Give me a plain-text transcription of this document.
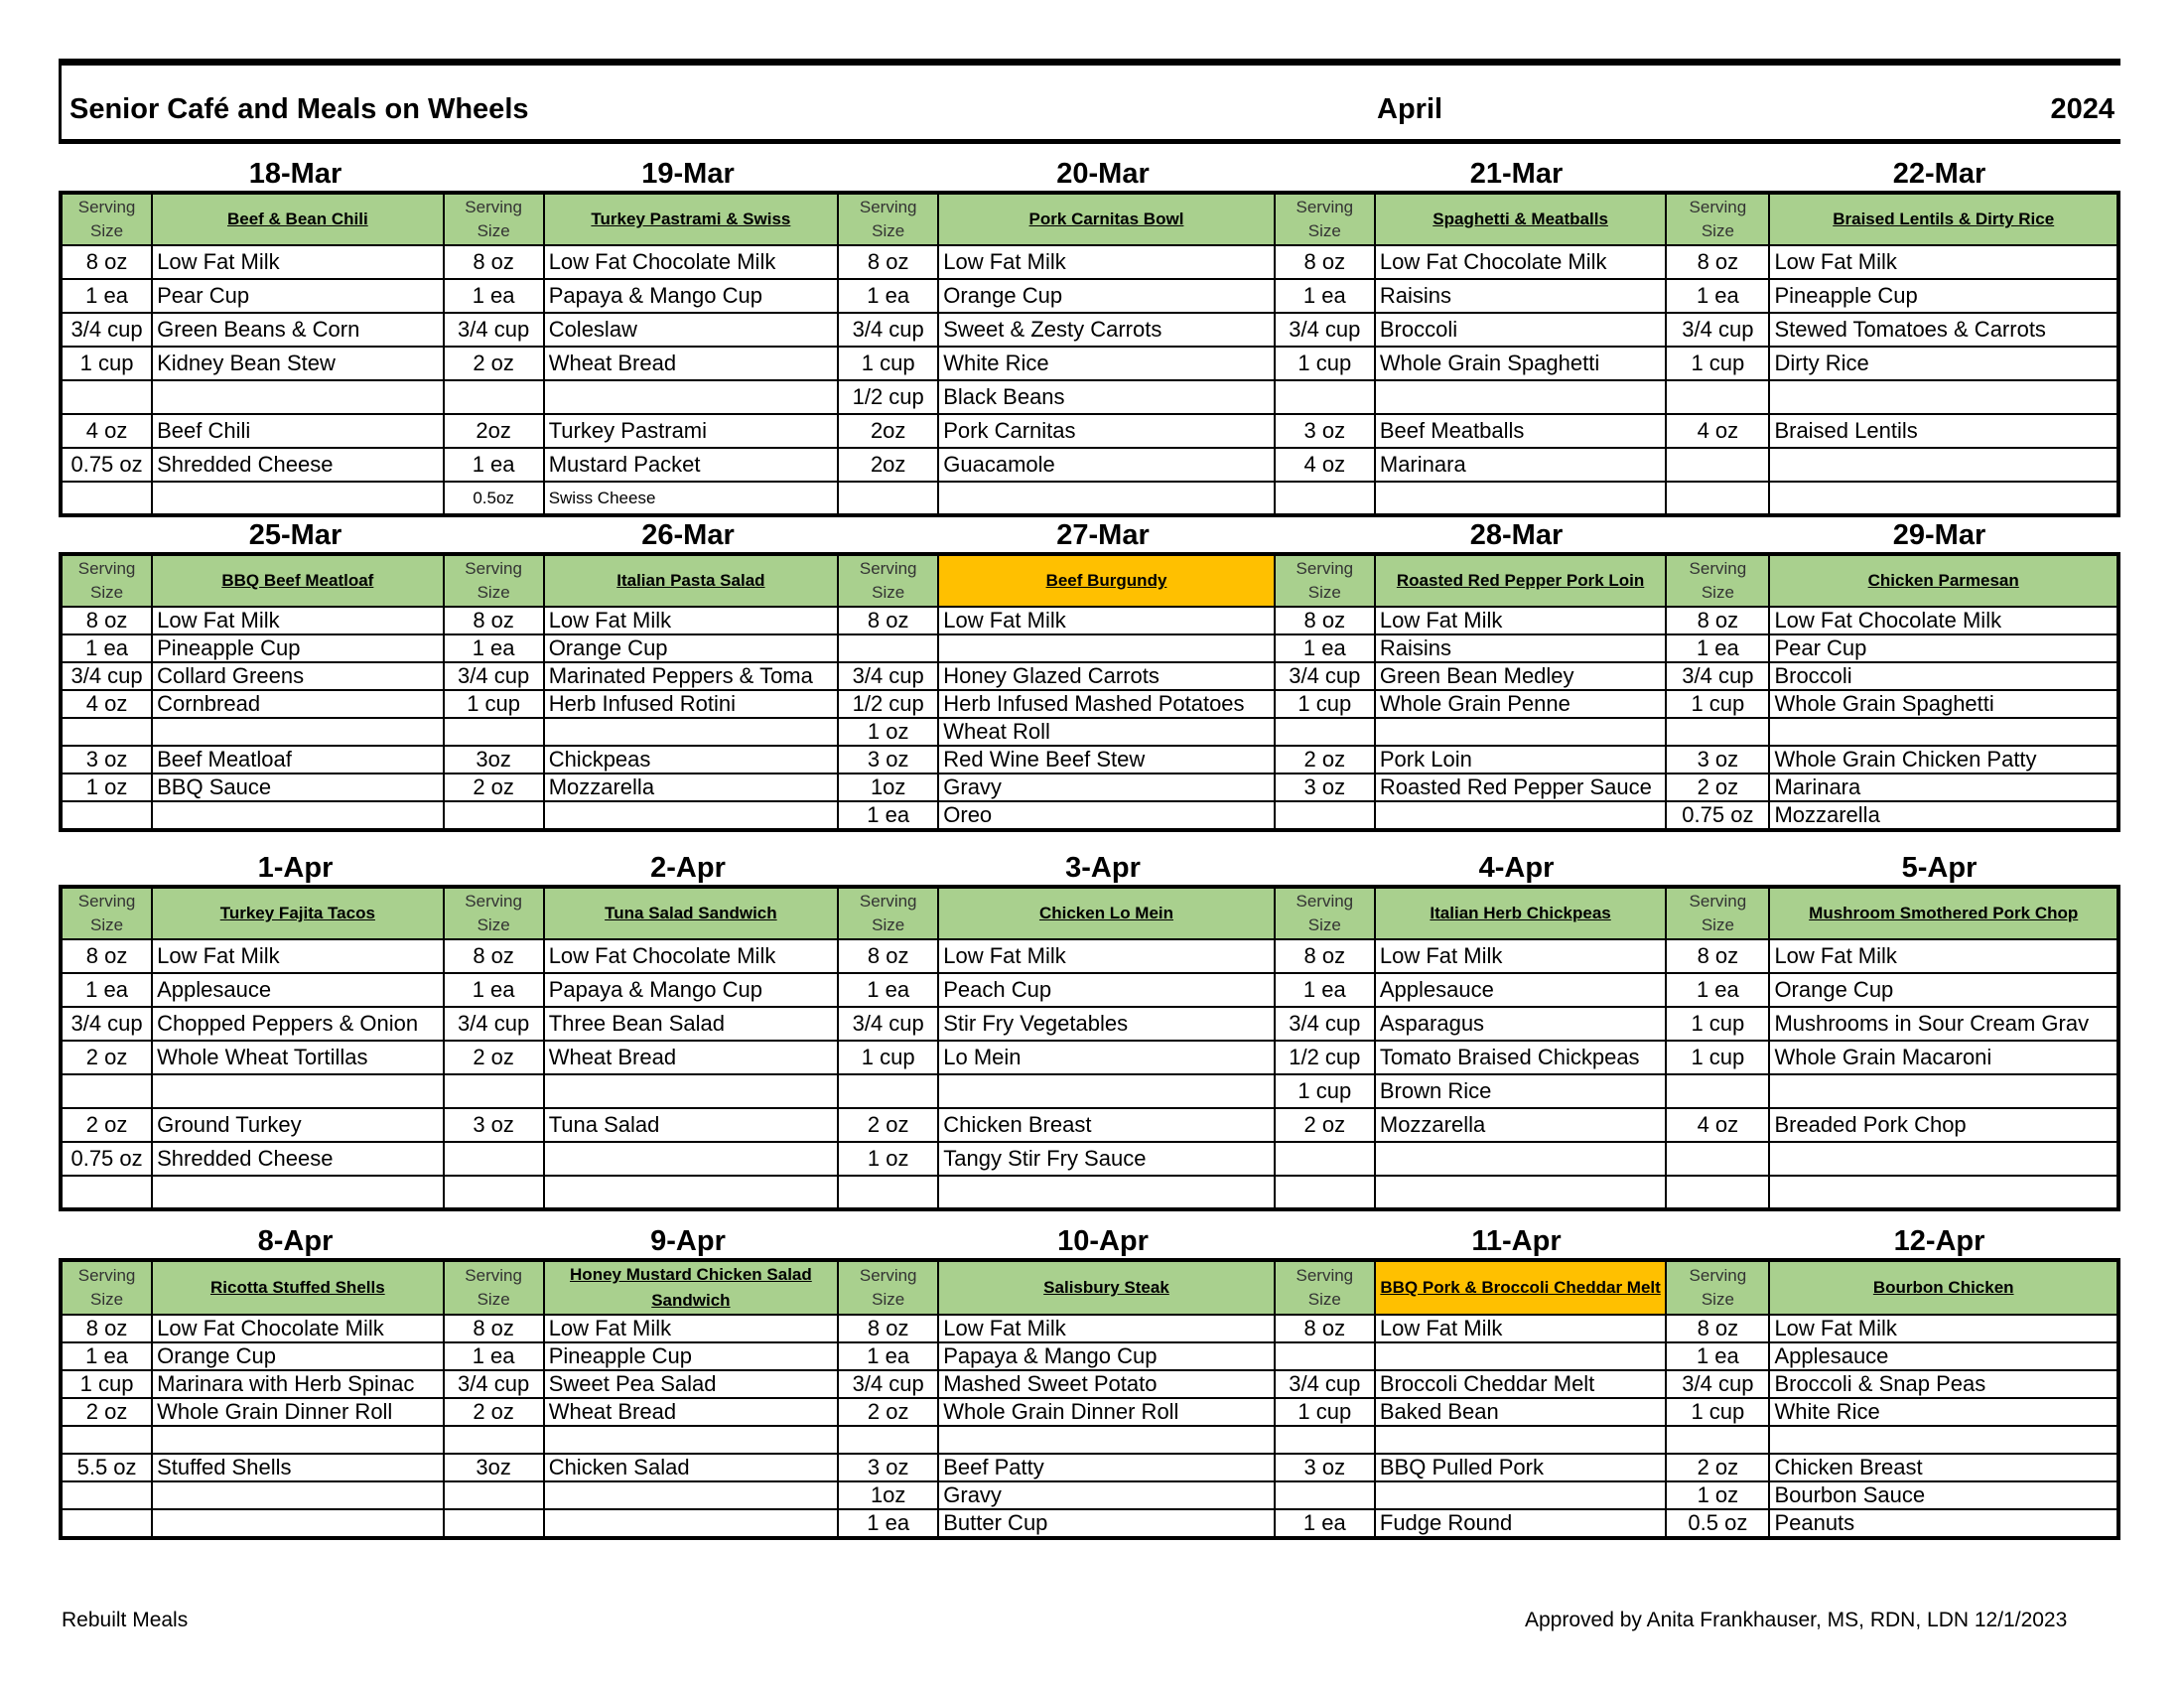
Senior Café and Meals on Wheels	April	2024
18-Mar	19-Mar	20-Mar	21-Mar	22-Mar
Serving Size	Beef & Bean Chili	Serving Size	Turkey Pastrami & Swiss	Serving Size	Pork Carnitas Bowl	Serving Size	Spaghetti & Meatballs	Serving Size	Braised Lentils & Dirty Rice
8 oz	Low Fat Milk	8 oz	Low Fat Chocolate Milk	8 oz	Low Fat Milk	8 oz	Low Fat Chocolate Milk	8 oz	Low Fat Milk
1 ea	Pear Cup	1 ea	Papaya & Mango Cup	1 ea	Orange Cup	1 ea	Raisins	1 ea	Pineapple Cup
3/4 cup	Green Beans & Corn	3/4 cup	Coleslaw	3/4 cup	Sweet & Zesty Carrots	3/4 cup	Broccoli	3/4 cup	Stewed Tomatoes & Carrots
1 cup	Kidney Bean Stew	2 oz	Wheat Bread	1 cup	White Rice	1 cup	Whole Grain Spaghetti	1 cup	Dirty Rice
				1/2 cup	Black Beans				
4 oz	Beef Chili	2oz	Turkey Pastrami	2oz	Pork Carnitas	3 oz	Beef Meatballs	4 oz	Braised Lentils
0.75 oz	Shredded Cheese	1 ea	Mustard Packet	2oz	Guacamole	4 oz	Marinara		
		0.5oz	Swiss Cheese						
25-Mar	26-Mar	27-Mar	28-Mar	29-Mar
Serving Size	BBQ Beef Meatloaf	Serving Size	Italian Pasta Salad	Serving Size	Beef Burgundy	Serving Size	Roasted Red Pepper Pork Loin	Serving Size	Chicken Parmesan
8 oz	Low Fat Milk	8 oz	Low Fat Milk	8 oz	Low Fat Milk	8 oz	Low Fat Milk	8 oz	Low Fat Chocolate Milk
1 ea	Pineapple Cup	1 ea	Orange Cup			1 ea	Raisins	1 ea	Pear Cup
3/4 cup	Collard Greens	3/4 cup	Marinated Peppers & Toma	3/4 cup	Honey Glazed Carrots	3/4 cup	Green Bean Medley	3/4 cup	Broccoli
4 oz	Cornbread	1 cup	Herb Infused Rotini	1/2 cup	Herb Infused Mashed Potatoes	1 cup	Whole Grain Penne	1 cup	Whole Grain Spaghetti
				1 oz	Wheat Roll				
3 oz	Beef Meatloaf	3oz	Chickpeas	3 oz	Red Wine Beef Stew	2 oz	Pork Loin	3 oz	Whole Grain Chicken Patty
1 oz	BBQ Sauce	2 oz	Mozzarella	1oz	Gravy	3 oz	Roasted Red Pepper Sauce	2 oz	Marinara
				1 ea	Oreo			0.75 oz	Mozzarella
1-Apr	2-Apr	3-Apr	4-Apr	5-Apr
Serving Size	Turkey Fajita Tacos	Serving Size	Tuna Salad Sandwich	Serving Size	Chicken Lo Mein	Serving Size	Italian Herb Chickpeas	Serving Size	Mushroom Smothered Pork Chop
8 oz	Low Fat Milk	8 oz	Low Fat Chocolate Milk	8 oz	Low Fat Milk	8 oz	Low Fat Milk	8 oz	Low Fat Milk
1 ea	Applesauce	1 ea	Papaya & Mango Cup	1 ea	Peach Cup	1 ea	Applesauce	1 ea	Orange Cup
3/4 cup	Chopped Peppers & Onion	3/4 cup	Three Bean Salad	3/4 cup	Stir Fry Vegetables	3/4 cup	Asparagus	1 cup	Mushrooms in Sour Cream Grav
2 oz	Whole Wheat Tortillas	2 oz	Wheat Bread	1 cup	Lo Mein	1/2 cup	Tomato Braised Chickpeas	1 cup	Whole Grain Macaroni
						1 cup	Brown Rice		
2 oz	Ground Turkey	3 oz	Tuna Salad	2 oz	Chicken Breast	2 oz	Mozzarella	4 oz	Breaded Pork Chop
0.75 oz	Shredded Cheese			1 oz	Tangy Stir Fry Sauce				

8-Apr	9-Apr	10-Apr	11-Apr	12-Apr
Serving Size	Ricotta Stuffed Shells	Serving Size	Honey Mustard Chicken Salad Sandwich	Serving Size	Salisbury Steak	Serving Size	BBQ Pork & Broccoli Cheddar Melt	Serving Size	Bourbon Chicken
8 oz	Low Fat Chocolate Milk	8 oz	Low Fat Milk	8 oz	Low Fat Milk	8 oz	Low Fat Milk	8 oz	Low Fat Milk
1 ea	Orange Cup	1 ea	Pineapple Cup	1 ea	Papaya & Mango Cup			1 ea	Applesauce
1 cup	Marinara with Herb Spinac	3/4 cup	Sweet Pea Salad	3/4 cup	Mashed Sweet Potato	3/4 cup	Broccoli Cheddar Melt	3/4 cup	Broccoli & Snap Peas
2 oz	Whole Grain Dinner Roll	2 oz	Wheat Bread	2 oz	Whole Grain Dinner Roll	1 cup	Baked Bean	1 cup	White Rice

5.5 oz	Stuffed Shells	3oz	Chicken Salad	3 oz	Beef Patty	3 oz	BBQ Pulled Pork	2 oz	Chicken Breast
				1oz	Gravy			1 oz	Bourbon Sauce
				1 ea	Butter Cup	1 ea	Fudge Round	0.5 oz	Peanuts
Rebuilt Meals	Approved by Anita Frankhauser, MS, RDN, LDN 12/1/2023
